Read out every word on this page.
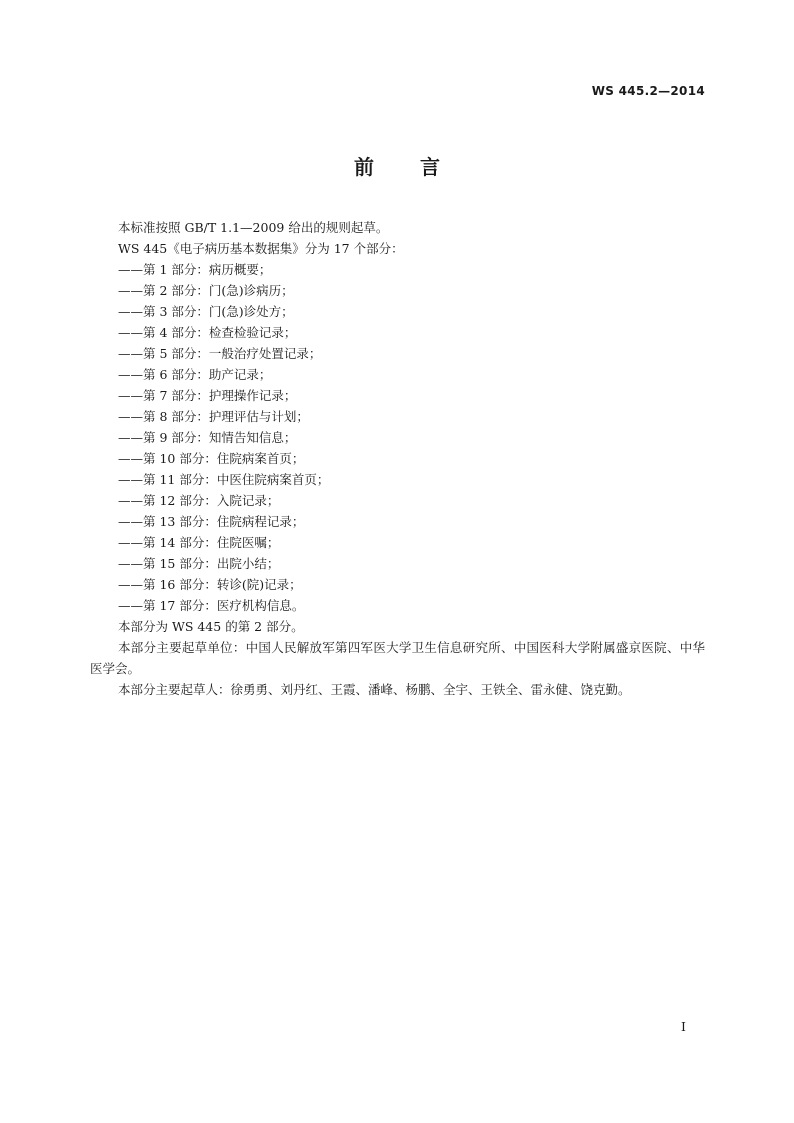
WS 445.2—2014
前言

本标准按照 GB/T 1.1—2009 给出的规则起草。

WS 445《电子病历基本数据集》分为 17 个部分：

——第 1 部分：病历概要；

——第 2 部分：门(急)诊病历；

——第 3 部分：门(急)诊处方；

——第 4 部分：检查检验记录；

——第 5 部分：一般治疗处置记录；

——第 6 部分：助产记录；

——第 7 部分：护理操作记录；

——第 8 部分：护理评估与计划；

——第 9 部分：知情告知信息；

——第 10 部分：住院病案首页；

——第 11 部分：中医住院病案首页；

——第 12 部分：入院记录；

——第 13 部分：住院病程记录；

——第 14 部分：住院医嘱；

——第 15 部分：出院小结；

——第 16 部分：转诊(院)记录；

——第 17 部分：医疗机构信息。

本部分为 WS 445 的第 2 部分。

本部分主要起草单位：中国人民解放军第四军医大学卫生信息研究所、中国医科大学附属盛京医院、中华医学会。

本部分主要起草人：徐勇勇、刘丹红、王霞、潘峰、杨鹏、全宇、王铁全、雷永健、饶克勤。

I
